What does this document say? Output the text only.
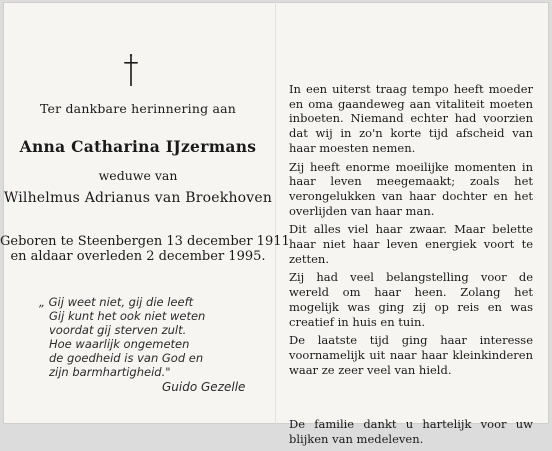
Ter dankbare herinnering aan
Anna Catharina IJzermans
weduwe van
Wilhelmus Adrianus van Broekhoven
Geboren te Steenbergen 13 december 1911
en aldaar overleden 2 december 1995.
„ Gij weet niet, gij die leeft
Gij kunt het ook niet weten
voordat gij sterven zult.
Hoe waarlijk ongemeten
de goedheid is van God en
zijn barmhartigheid."
Guido Gezelle

In een uiterst traag tempo heeft moeder en oma gaandeweg aan vitaliteit moeten inboeten. Niemand echter had voorzien dat wij in zo'n korte tijd afscheid van haar moesten nemen.

Zij heeft enorme moeilijke momenten in haar leven meegemaakt; zoals het verongelukken van haar dochter en het overlijden van haar man.

Dit alles viel haar zwaar. Maar belette haar niet haar leven energiek voort te zetten.

Zij had veel belangstelling voor de wereld om haar heen. Zolang het mogelijk was ging zij op reis en was creatief in huis en tuin.

De laatste tijd ging haar interesse voornamelijk uit naar haar kleinkinderen waar ze zeer veel van hield.

De familie dankt u hartelijk voor uw blijken van medeleven.
